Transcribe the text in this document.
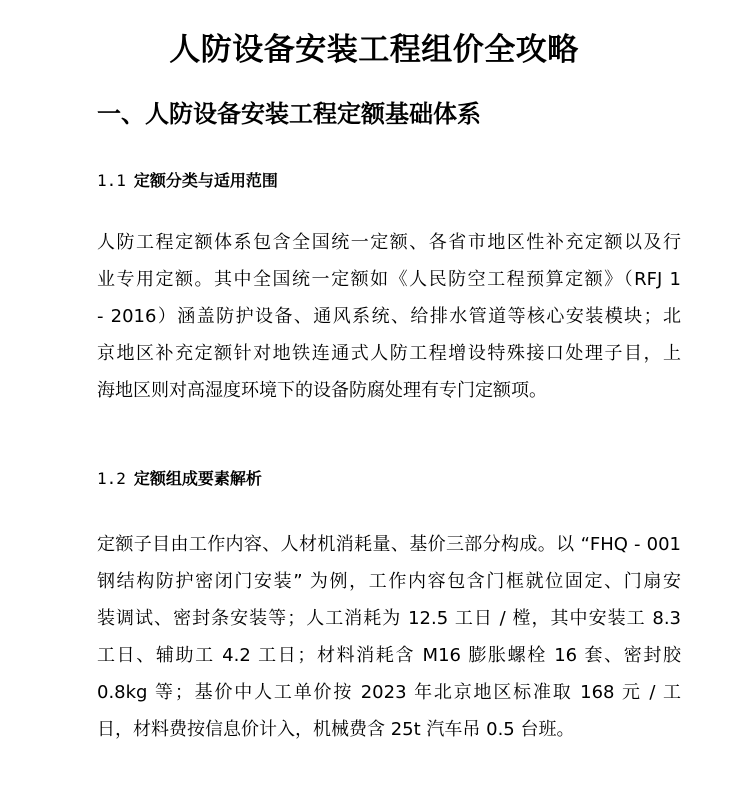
人防设备安装工程组价全攻略
一、人防设备安装工程定额基础体系
1.1 定额分类与适用范围
人防工程定额体系包含全国统一定额、各省市地区性补充定额以及行
业专用定额。其中全国统一定额如《人民防空工程预算定额》（RFJ 1
- 2016）涵盖防护设备、通风系统、给排水管道等核心安装模块；北
京地区补充定额针对地铁连通式人防工程增设特殊接口处理子目，上
海地区则对高湿度环境下的设备防腐处理有专门定额项。
1.2 定额组成要素解析
定额子目由工作内容、人材机消耗量、基价三部分构成。以 “FHQ - 001
钢结构防护密闭门安装” 为例，工作内容包含门框就位固定、门扇安
装调试、密封条安装等；人工消耗为 12.5 工日 / 樘，其中安装工 8.3
工日、辅助工 4.2 工日；材料消耗含 M16 膨胀螺栓 16 套、密封胶
0.8kg 等；基价中人工单价按 2023 年北京地区标准取 168 元 / 工
日，材料费按信息价计入，机械费含 25t 汽车吊 0.5 台班。
